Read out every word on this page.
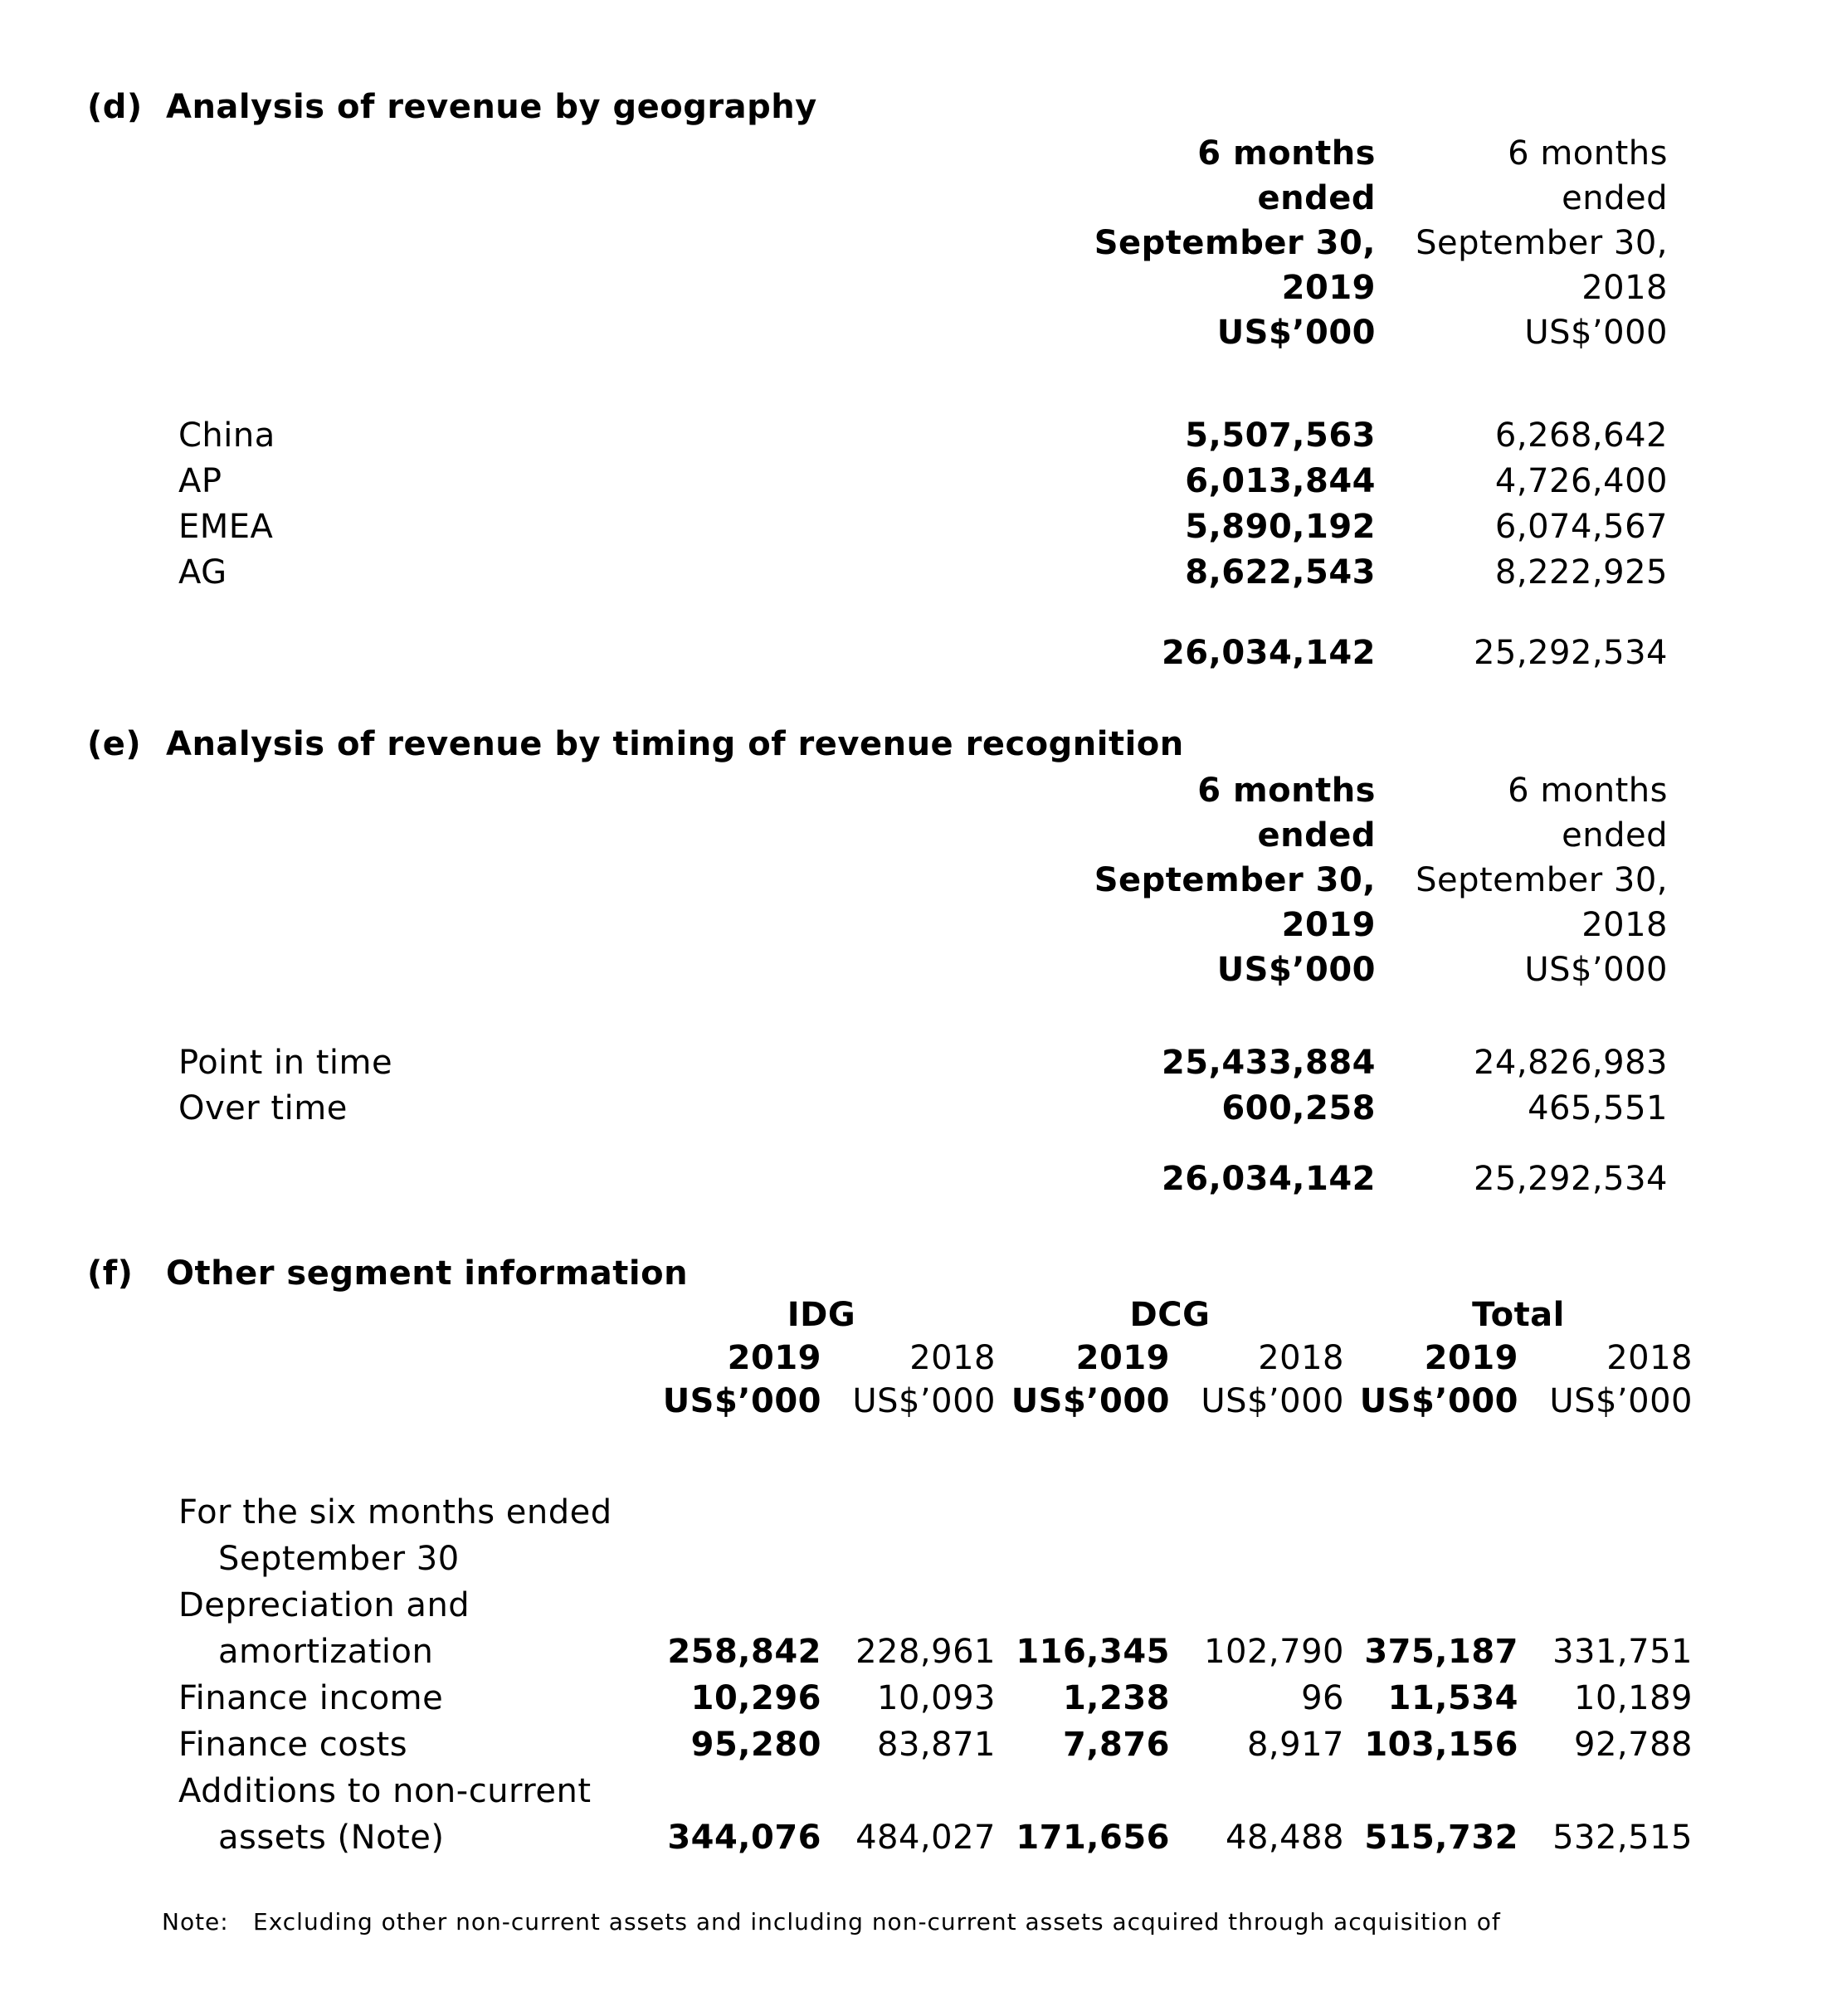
(d) Analysis of revenue by geography
6 months
ended
September 30,
2019
US$’000
6 months
ended
September 30,
2018
US$’000
China	5,507,563	6,268,642
AP	6,013,844	4,726,400
EMEA	5,890,192	6,074,567
AG	8,622,543	8,222,925
26,034,142	25,292,534
(e) Analysis of revenue by timing of revenue recognition
6 months
ended
September 30,
2019
US$’000
6 months
ended
September 30,
2018
US$’000
Point in time	25,433,884	24,826,983
Over time	600,258	465,551
26,034,142	25,292,534
(f) Other segment information
IDG	DCG	Total
2019	2018	2019	2018	2019	2018
US$’000 US$’000 US$’000 US$’000 US$’000 US$’000
For the six months ended
September 30
Depreciation and
amortization	258,842	228,961 116,345	102,790 375,187	331,751
Finance income	10,296	10,093	1,238	96	11,534	10,189
Finance costs	95,280	83,871	7,876	8,917 103,156	92,788
Additions to non-current
assets (Note)	344,076	484,027 171,656	48,488 515,732	532,515
Note: Excluding other non-current assets and including non-current assets acquired through acquisition of
